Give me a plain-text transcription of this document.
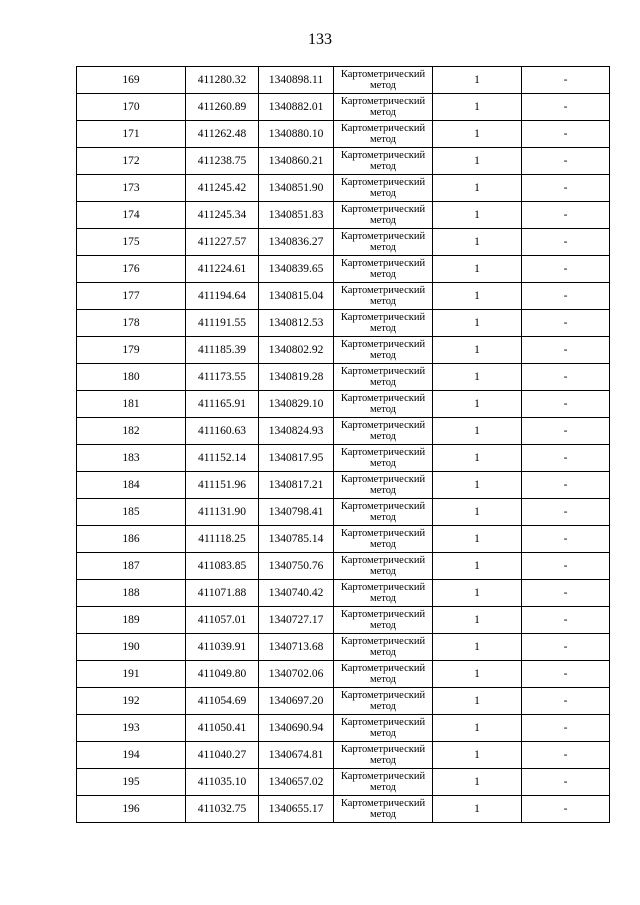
133
169	411280.32	1340898.11	Картометрический метод	1	-
170	411260.89	1340882.01	Картометрический метод	1	-
171	411262.48	1340880.10	Картометрический метод	1	-
172	411238.75	1340860.21	Картометрический метод	1	-
173	411245.42	1340851.90	Картометрический метод	1	-
174	411245.34	1340851.83	Картометрический метод	1	-
175	411227.57	1340836.27	Картометрический метод	1	-
176	411224.61	1340839.65	Картометрический метод	1	-
177	411194.64	1340815.04	Картометрический метод	1	-
178	411191.55	1340812.53	Картометрический метод	1	-
179	411185.39	1340802.92	Картометрический метод	1	-
180	411173.55	1340819.28	Картометрический метод	1	-
181	411165.91	1340829.10	Картометрический метод	1	-
182	411160.63	1340824.93	Картометрический метод	1	-
183	411152.14	1340817.95	Картометрический метод	1	-
184	411151.96	1340817.21	Картометрический метод	1	-
185	411131.90	1340798.41	Картометрический метод	1	-
186	411118.25	1340785.14	Картометрический метод	1	-
187	411083.85	1340750.76	Картометрический метод	1	-
188	411071.88	1340740.42	Картометрический метод	1	-
189	411057.01	1340727.17	Картометрический метод	1	-
190	411039.91	1340713.68	Картометрический метод	1	-
191	411049.80	1340702.06	Картометрический метод	1	-
192	411054.69	1340697.20	Картометрический метод	1	-
193	411050.41	1340690.94	Картометрический метод	1	-
194	411040.27	1340674.81	Картометрический метод	1	-
195	411035.10	1340657.02	Картометрический метод	1	-
196	411032.75	1340655.17	Картометрический метод	1	-
